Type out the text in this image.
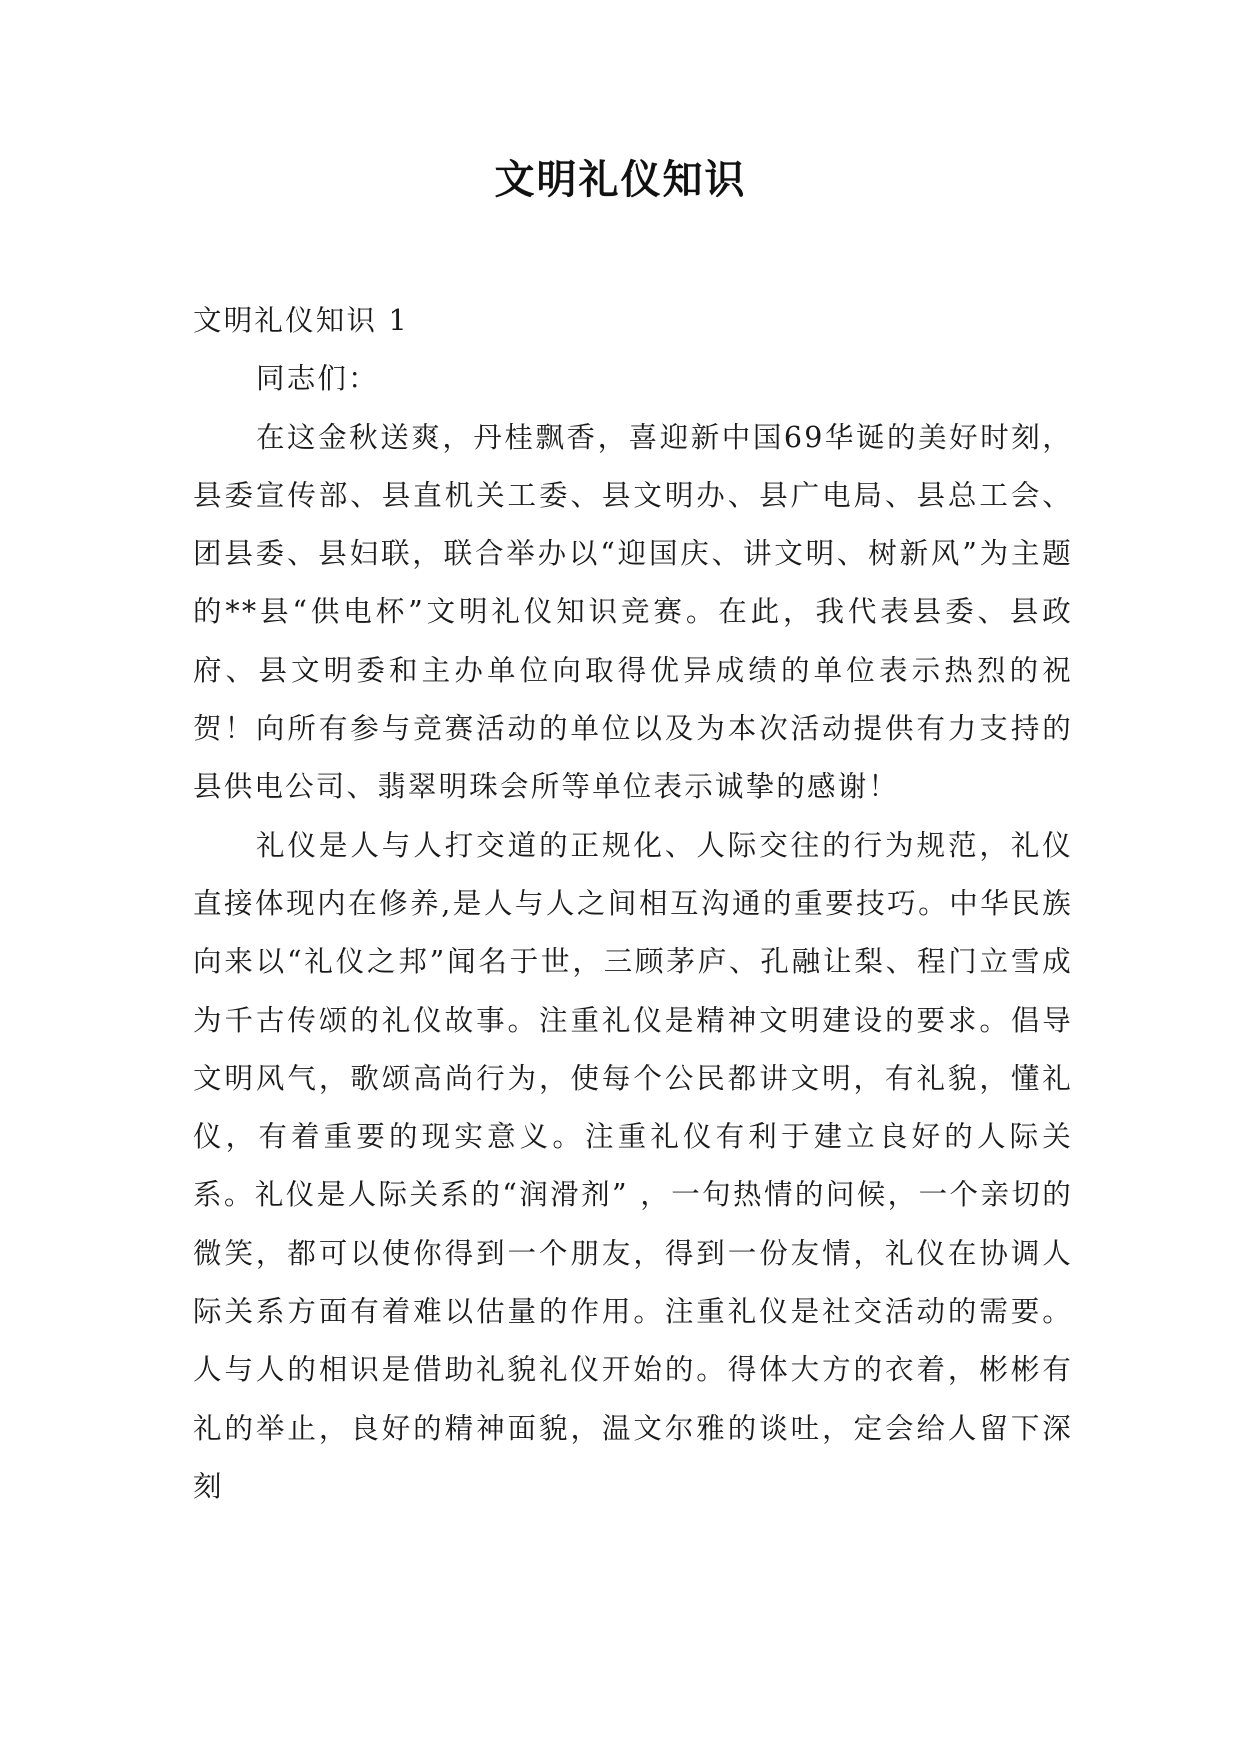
文明礼仪知识

文明礼仪知识 1

同志们：

在这金秋送爽，丹桂飘香，喜迎新中国69华诞的美好时刻，县委宣传部、县直机关工委、县文明办、县广电局、县总工会、团县委、县妇联，联合举办以“迎国庆、讲文明、树新风”为主题的**县“供电杯”文明礼仪知识竞赛。在此，我代表县委、县政府、县文明委和主办单位向取得优异成绩的单位表示热烈的祝贺！向所有参与竞赛活动的单位以及为本次活动提供有力支持的县供电公司、翡翠明珠会所等单位表示诚挚的感谢！

礼仪是人与人打交道的正规化、人际交往的行为规范，礼仪直接体现内在修养,是人与人之间相互沟通的重要技巧。中华民族向来以“礼仪之邦”闻名于世，三顾茅庐、孔融让梨、程门立雪成为千古传颂的礼仪故事。注重礼仪是精神文明建设的要求。倡导文明风气，歌颂高尚行为，使每个公民都讲文明，有礼貌，懂礼仪，有着重要的现实意义。注重礼仪有利于建立良好的人际关系。礼仪是人际关系的“润滑剂” ，一句热情的问候，一个亲切的微笑，都可以使你得到一个朋友，得到一份友情，礼仪在协调人际关系方面有着难以估量的作用。注重礼仪是社交活动的需要。人与人的相识是借助礼貌礼仪开始的。得体大方的衣着，彬彬有礼的举止，良好的精神面貌，温文尔雅的谈吐，定会给人留下深刻
